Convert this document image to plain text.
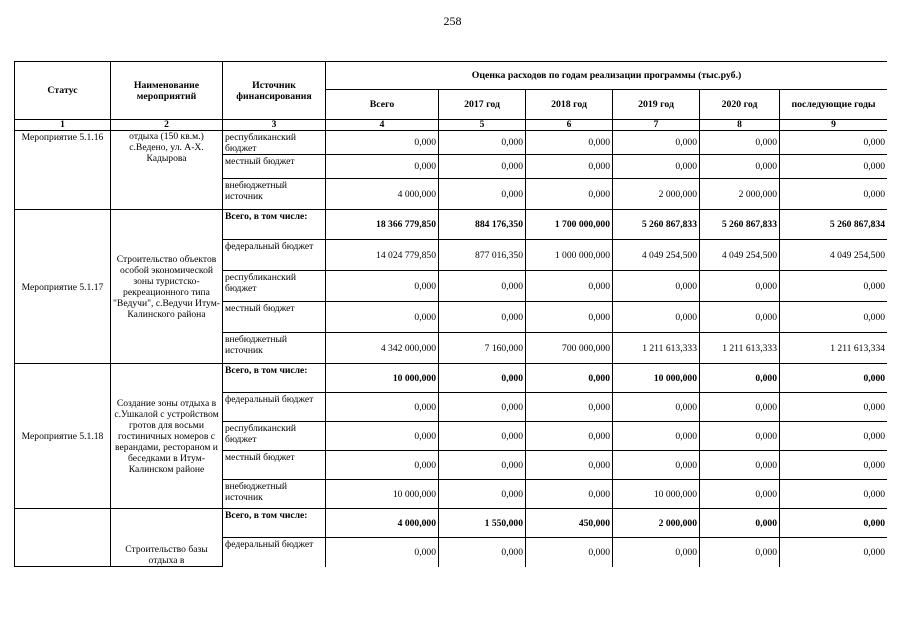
258
Статус	Наименование мероприятий	Источник финансирования	Оценка расходов по годам реализации программы (тыс.руб.)					
			Всего	2017 год	2018 год	2019 год	2020 год	последующие годы
1	2	3	4	5	6	7	8	9
Мероприятие 5.1.16	отдыха (150 кв.м.) с.Ведено, ул. А-Х. Кадырова	республиканский бюджет	0,000	0,000	0,000	0,000	0,000	0,000
		местный бюджет	0,000	0,000	0,000	0,000	0,000	0,000
		внебюджетный источник	4 000,000	0,000	0,000	2 000,000	2 000,000	0,000
Мероприятие 5.1.17	Строительство объектов особой экономической зоны туристско-рекреационного типа "Ведучи", с.Ведучи Итум-Калинского района	Всего, в том числе:	18 366 779,850	884 176,350	1 700 000,000	5 260 867,833	5 260 867,833	5 260 867,834
		федеральный бюджет	14 024 779,850	877 016,350	1 000 000,000	4 049 254,500	4 049 254,500	4 049 254,500
		республиканский бюджет	0,000	0,000	0,000	0,000	0,000	0,000
		местный бюджет	0,000	0,000	0,000	0,000	0,000	0,000
		внебюджетный источник	4 342 000,000	7 160,000	700 000,000	1 211 613,333	1 211 613,333	1 211 613,334
Мероприятие 5.1.18	Создание зоны отдыха в с.Ушкалой с устройством гротов для восьми гостиничных номеров с верандами, рестораном и беседками в Итум-Калинском районе	Всего, в том числе:	10 000,000	0,000	0,000	10 000,000	0,000	0,000
		федеральный бюджет	0,000	0,000	0,000	0,000	0,000	0,000
		республиканский бюджет	0,000	0,000	0,000	0,000	0,000	0,000
		местный бюджет	0,000	0,000	0,000	0,000	0,000	0,000
		внебюджетный источник	10 000,000	0,000	0,000	10 000,000	0,000	0,000
	Строительство базы отдыха в	Всего, в том числе:	4 000,000	1 550,000	450,000	2 000,000	0,000	0,000
		федеральный бюджет	0,000	0,000	0,000	0,000	0,000	0,000
